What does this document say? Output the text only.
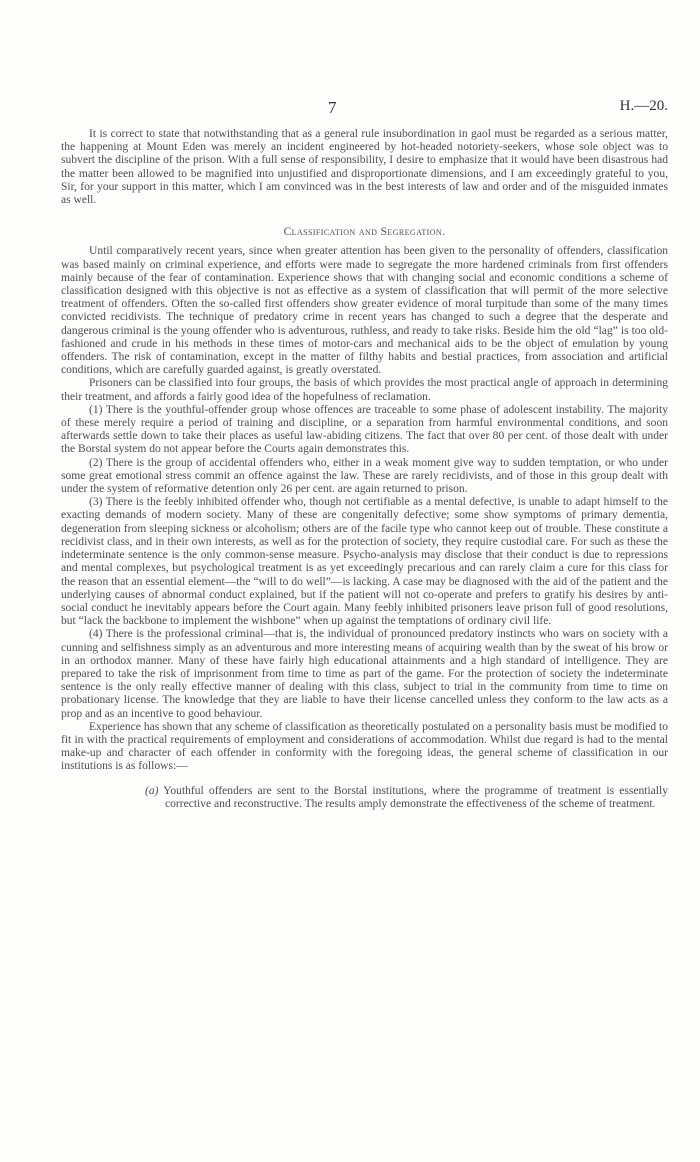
7	H.—20.

It is correct to state that notwithstanding that as a general rule insubordination in gaol must be regarded as a serious matter, the happening at Mount Eden was merely an incident engineered by hot-headed notoriety-seekers, whose sole object was to subvert the discipline of the prison. With a full sense of responsibility, I desire to emphasize that it would have been disastrous had the matter been allowed to be magnified into unjustified and disproportionate dimensions, and I am exceedingly grateful to you, Sir, for your support in this matter, which I am convinced was in the best interests of law and order and of the misguided inmates as well.

Classification and Segregation.

Until comparatively recent years, since when greater attention has been given to the personality of offenders, classification was based mainly on criminal experience, and efforts were made to segregate the more hardened criminals from first offenders mainly because of the fear of contamination. Experience shows that with changing social and economic conditions a scheme of classification designed with this objective is not as effective as a system of classification that will permit of the more selective treatment of offenders. Often the so-called first offenders show greater evidence of moral turpitude than some of the many times convicted recidivists. The technique of predatory crime in recent years has changed to such a degree that the desperate and dangerous criminal is the young offender who is adventurous, ruthless, and ready to take risks. Beside him the old “lag” is too old-fashioned and crude in his methods in these times of motor-cars and mechanical aids to be the object of emulation by young offenders. The risk of contamination, except in the matter of filthy habits and bestial practices, from association and artificial conditions, which are carefully guarded against, is greatly overstated.

Prisoners can be classified into four groups, the basis of which provides the most practical angle of approach in determining their treatment, and affords a fairly good idea of the hopefulness of reclamation.

(1) There is the youthful-offender group whose offences are traceable to some phase of adolescent instability. The majority of these merely require a period of training and discipline, or a separation from harmful environmental conditions, and soon afterwards settle down to take their places as useful law-abiding citizens. The fact that over 80 per cent. of those dealt with under the Borstal system do not appear before the Courts again demonstrates this.

(2) There is the group of accidental offenders who, either in a weak moment give way to sudden temptation, or who under some great emotional stress commit an offence against the law. These are rarely recidivists, and of those in this group dealt with under the system of reformative detention only 26 per cent. are again returned to prison.

(3) There is the feebly inhibited offender who, though not certifiable as a mental defective, is unable to adapt himself to the exacting demands of modern society. Many of these are congenitally defective; some show symptoms of primary dementia, degeneration from sleeping sickness or alcoholism; others are of the facile type who cannot keep out of trouble. These constitute a recidivist class, and in their own interests, as well as for the protection of society, they require custodial care. For such as these the indeterminate sentence is the only common-sense measure. Psycho-analysis may disclose that their conduct is due to repressions and mental complexes, but psychological treatment is as yet exceedingly precarious and can rarely claim a cure for this class for the reason that an essential element—the “will to do well”—is lacking. A case may be diagnosed with the aid of the patient and the underlying causes of abnormal conduct explained, but if the patient will not co-operate and prefers to gratify his desires by anti-social conduct he inevitably appears before the Court again. Many feebly inhibited prisoners leave prison full of good resolutions, but “lack the backbone to implement the wishbone” when up against the temptations of ordinary civil life.

(4) There is the professional criminal—that is, the individual of pronounced predatory instincts who wars on society with a cunning and selfishness simply as an adventurous and more interesting means of acquiring wealth than by the sweat of his brow or in an orthodox manner. Many of these have fairly high educational attainments and a high standard of intelligence. They are prepared to take the risk of imprisonment from time to time as part of the game. For the protection of society the indeterminate sentence is the only really effective manner of dealing with this class, subject to trial in the community from time to time on probationary license. The knowledge that they are liable to have their license cancelled unless they conform to the law acts as a prop and as an incentive to good behaviour.

Experience has shown that any scheme of classification as theoretically postulated on a personality basis must be modified to fit in with the practical requirements of employment and considerations of accommodation. Whilst due regard is had to the mental make-up and character of each offender in conformity with the foregoing ideas, the general scheme of classification in our institutions is as follows:—

(a) Youthful offenders are sent to the Borstal institutions, where the programme of treatment is essentially corrective and reconstructive. The results amply demonstrate the effectiveness of the scheme of treatment.
